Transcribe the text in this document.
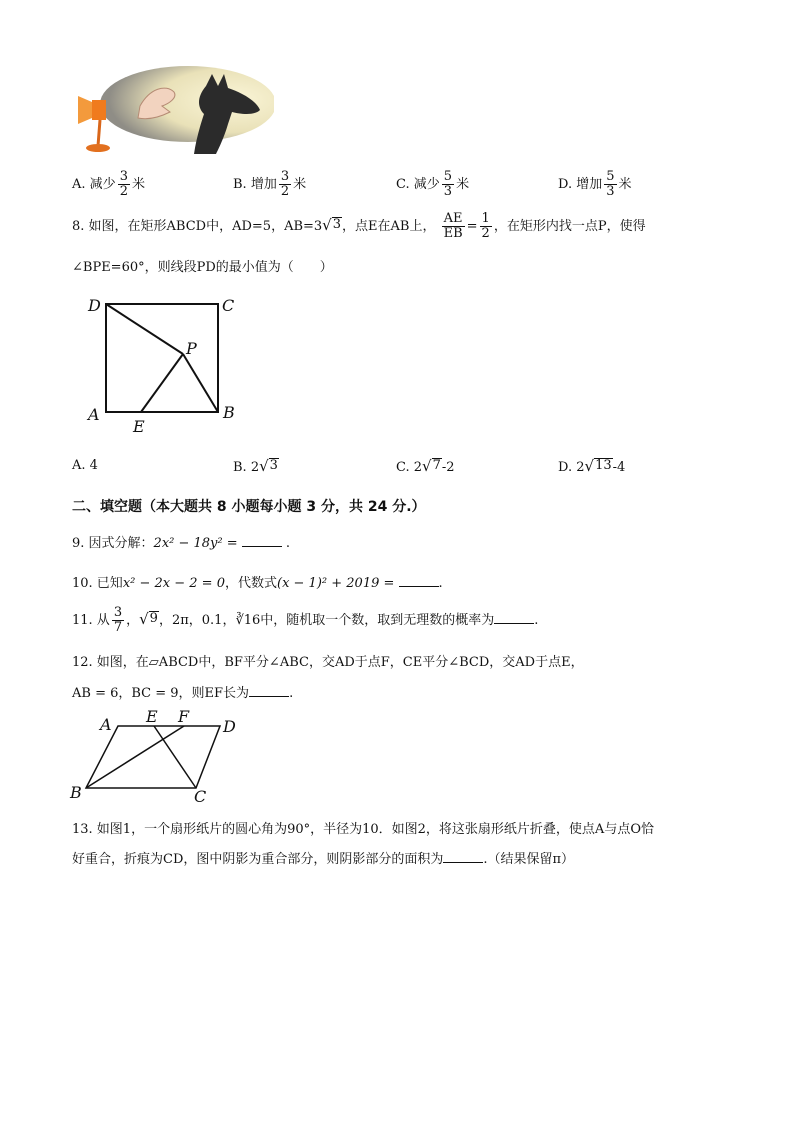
A. 减少 $\frac{3}{2}$ 米	B. 增加 $\frac{3}{2}$ 米	C. 减少 $\frac{5}{3}$ 米	D. 增加 $\frac{5}{3}$ 米
8. 如图，在矩形ABCD中，AD=5，AB=3 √ 3 ，点E在AB上， $\frac{AE}{EB} = \frac{1}{2}$ ，在矩形内找一点P，使得
∠BPE=60°，则线段PD的最小值为（　　）
D	C
P
A	B
E
A. 4	B. 2 √ 3	C. 2 √ 7 -2	D. 2 √ 13 -4
二、填空题（本大题共 8 小题每小题 3 分，共 24 分.）
9. 因式分解：2x² − 18y² =	.
10. 已知x² − 2x − 2 = 0，代数式(x − 1)² + 2019 =	.
11. 从 $\frac{3}{7}$ ， √ 9 ，2π，0.1，∛16中，随机取一个数，取到无理数的概率为	.
12. 如图，在▱ABCD中，BF平分∠ABC，交AD于点F，CE平分∠BCD，交AD于点E，
AB = 6，BC = 9，则EF长为	.
A E F
D
B	C
13. 如图1，一个扇形纸片的圆心角为90°，半径为10．如图2，将这张扇形纸片折叠，使点A与点O恰
好重合，折痕为CD，图中阴影为重合部分，则阴影部分的面积为	.（结果保留π）
